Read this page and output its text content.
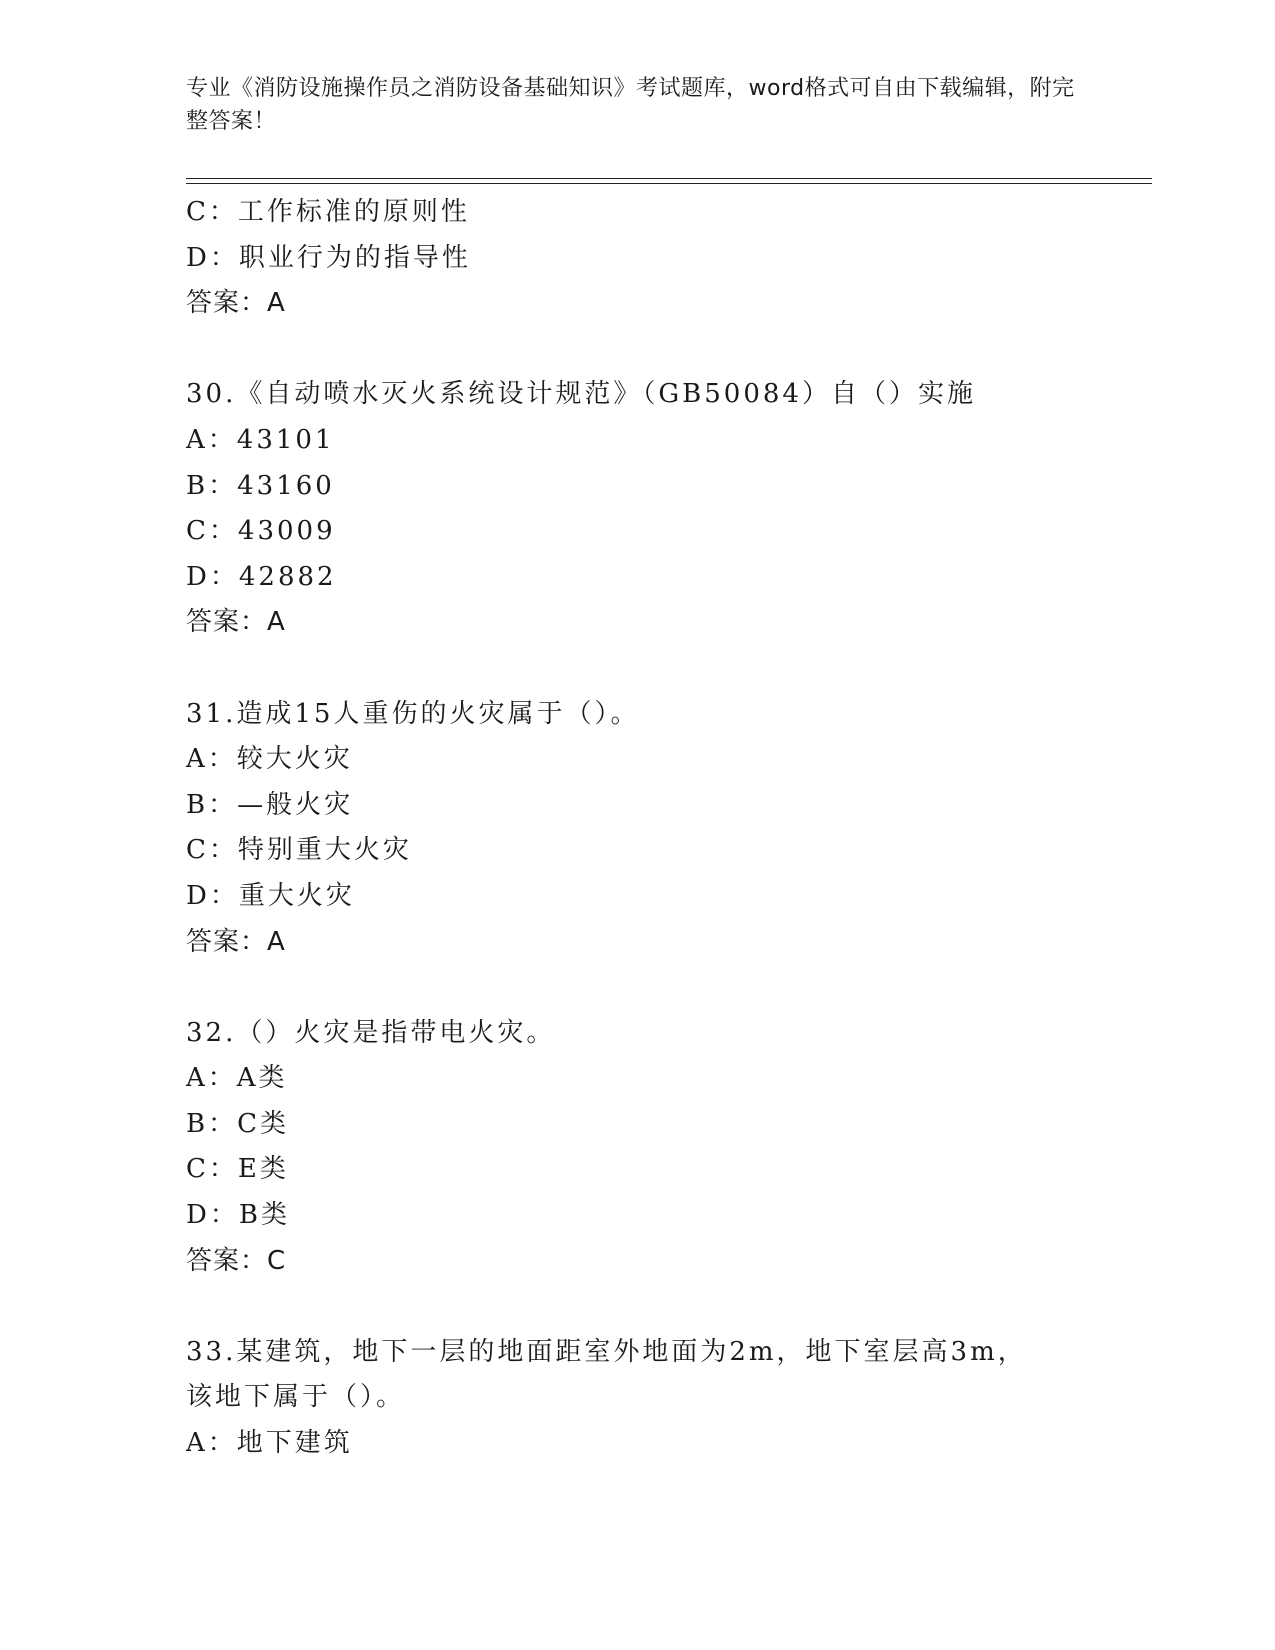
专业《消防设施操作员之消防设备基础知识》考试题库，word格式可自由下载编辑，附完整答案！
C：工作标准的原则性
D：职业行为的指导性
答案：A
30.《自动喷水灭火系统设计规范》（GB50084）自（）实施
A：43101
B：43160
C：43009
D：42882
答案：A
31.造成15人重伤的火灾属于（）。
A：较大火灾
B：—般火灾
C：特别重大火灾
D：重大火灾
答案：A
32.（）火灾是指带电火灾。
A：A类
B：C类
C：E类
D：B类
答案：C
33.某建筑，地下一层的地面距室外地面为2m，地下室层高3m，该地下属于（）。
A：地下建筑
